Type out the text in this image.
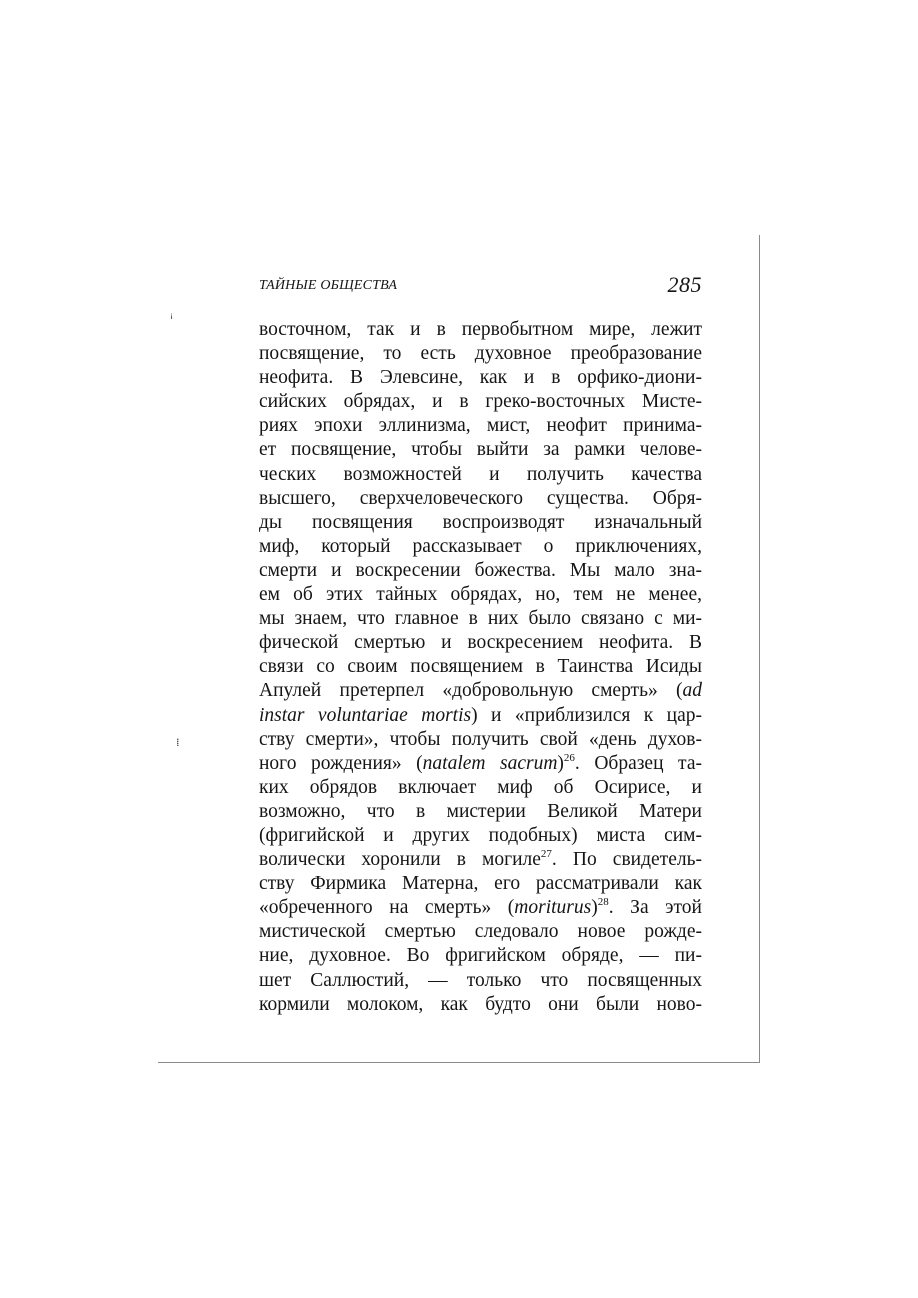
ꜟ
⁞
ТАЙНЫЕ ОБЩЕСТВА	285
восточном, так и в первобытном мире, лежит
посвящение, то есть духовное преобразование
неофита. В Элевсине, как и в орфико-диони-
сийских обрядах, и в греко-восточных Мисте-
риях эпохи эллинизма, мист, неофит принима-
ет посвящение, чтобы выйти за рамки челове-
ческих возможностей и получить качества
высшего, сверхчеловеческого существа. Обря-
ды посвящения воспроизводят изначальный
миф, который рассказывает о приключениях,
смерти и воскресении божества. Мы мало зна-
ем об этих тайных обрядах, но, тем не менее,
мы знаем, что главное в них было связано с ми-
фической смертью и воскресением неофита. В
связи со своим посвящением в Таинства Исиды
Апулей претерпел «добровольную смерть» (ad
instar voluntariae mortis) и «приблизился к цар-
ству смерти», чтобы получить свой «день духов-
ного рождения» (natalem sacrum)$^{26}$. Образец та-
ких обрядов включает миф об Осирисе, и
возможно, что в мистерии Великой Матери
(фригийской и других подобных) миста сим-
волически хоронили в могиле$^{27}$. По свидетель-
ству Фирмика Матерна, его рассматривали как
«обреченного на смерть» (moriturus)$^{28}$. За этой
мистической смертью следовало новое рожде-
ние, духовное. Во фригийском обряде, — пи-
шет Саллюстий, — только что посвященных
кормили молоком, как будто они были ново-
